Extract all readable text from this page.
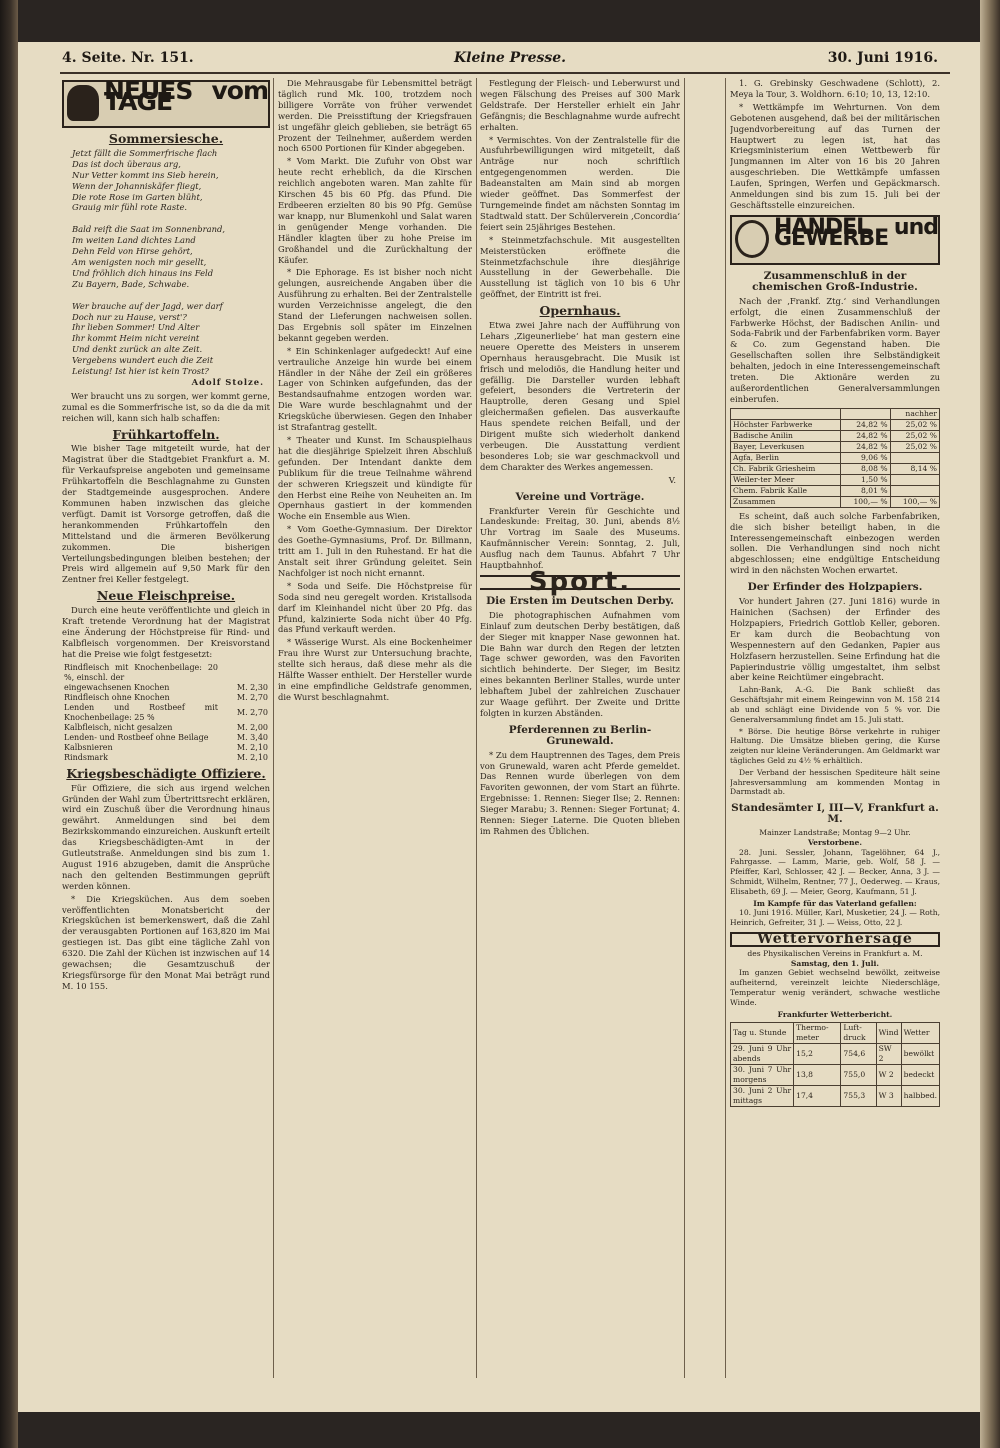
4. Seite. Nr. 151.	Kleine Presse.	30. Juni 1916.
NEUES vom TAGE
Sommersiesche.
Jetzt fällt die Sommerfrische flach
Das ist doch überaus arg,
Nur Vetter kommt ins Sieb herein,
Wenn der Johanniskäfer fliegt,
Die rote Rose im Garten blüht,
Grauig mir fühl rote Raste.

Bald reift die Saat im Sonnenbrand,
Im weiten Land dichtes Land
Dehn Feld von Hirse gehört,
Am wenigsten noch mir gesellt,
Und fröhlich dich hinaus ins Feld
Zu Bayern, Bade, Schwabe.

Wer brauche auf der Jagd, wer darf
Doch nur zu Hause, verst'?
Ihr lieben Sommer! Und Alter
Ihr kommt Heim nicht vereint
Und denkt zurück an alte Zeit.
Vergebens wundert euch die Zeit
Leistung! Ist hier ist kein Trost?
Adolf Stolze.

Wer braucht uns zu sorgen, wer kommt gerne, zumal es die Sommerfrische ist, so da die da mit reichen will, kann sich halb schaffen:

Frühkartoffeln.

Wie bisher Tage mitgeteilt wurde, hat der Magistrat über die Stadtgebiet Frankfurt a. M. für Verkaufspreise angeboten und gemeinsame Frühkartoffeln die Beschlagnahme zu Gunsten der Stadtgemeinde ausgesprochen. Andere Kommunen haben inzwischen das gleiche verfügt. Damit ist Vorsorge getroffen, daß die herankommenden Frühkartoffeln den Mittelstand und die ärmeren Bevölkerung zukommen. Die bisherigen Verteilungsbedingungen bleiben bestehen; der Preis wird allgemein auf 9,50 Mark für den Zentner frei Keller festgelegt.

Neue Fleischpreise.

Durch eine heute veröffentlichte und gleich in Kraft tretende Verordnung hat der Magistrat eine Änderung der Höchstpreise für Rind- und Kalbfleisch vorgenommen. Der Kreisvorstand hat die Preise wie folgt festgesetzt:

Rindfleisch mit Knochenbeilage: 20 %, einschl. der	
eingewachsenen Knochen	M. 2,30
Rindfleisch ohne Knochen	M. 2,70
Lenden und Rostbeef mit Knochenbeilage: 25 %	M. 2,70
Kalbfleisch, nicht gesalzen	M. 2,00
Lenden- und Rostbeef ohne Beilage	M. 3,40
Kalbsnieren	M. 2,10
Rindsmark	M. 2,10
Kriegsbeschädigte Offiziere.

Für Offiziere, die sich aus irgend welchen Gründen der Wahl zum Übertrittsrecht erklären, wird ein Zuschuß über die Verordnung hinaus gewährt. Anmeldungen sind bei dem Bezirkskommando einzureichen. Auskunft erteilt das Kriegsbeschädigten-Amt in der Gutleutstraße. Anmeldungen sind bis zum 1. August 1916 abzugeben, damit die Ansprüche nach den geltenden Bestimmungen geprüft werden können.

* Die Kriegsküchen. Aus dem soeben veröffentlichten Monatsbericht der Kriegsküchen ist bemerkenswert, daß die Zahl der verausgabten Portionen auf 163,820 im Mai gestiegen ist. Das gibt eine tägliche Zahl von 6320. Die Zahl der Küchen ist inzwischen auf 14 gewachsen; die Gesamtzuschuß der Kriegsfürsorge für den Monat Mai beträgt rund M. 10 155.

Die Mehrausgabe für Lebensmittel beträgt täglich rund Mk. 100, trotzdem noch billigere Vorräte von früher verwendet werden. Die Preisstiftung der Kriegsfrauen ist ungefähr gleich geblieben, sie beträgt 65 Prozent der Teilnehmer, außerdem werden noch 6500 Portionen für Kinder abgegeben.

* Vom Markt. Die Zufuhr von Obst war heute recht erheblich, da die Kirschen reichlich angeboten waren. Man zahlte für Kirschen 45 bis 60 Pfg. das Pfund. Die Erdbeeren erzielten 80 bis 90 Pfg. Gemüse war knapp, nur Blumenkohl und Salat waren in genügender Menge vorhanden. Die Händler klagten über zu hohe Preise im Großhandel und die Zurückhaltung der Käufer.

* Die Ephorage. Es ist bisher noch nicht gelungen, ausreichende Angaben über die Ausführung zu erhalten. Bei der Zentralstelle wurden Verzeichnisse angelegt, die den Stand der Lieferungen nachweisen sollen. Das Ergebnis soll später im Einzelnen bekannt gegeben werden.

* Ein Schinkenlager aufgedeckt! Auf eine vertrauliche Anzeige hin wurde bei einem Händler in der Nähe der Zeil ein größeres Lager von Schinken aufgefunden, das der Bestandsaufnahme entzogen worden war. Die Ware wurde beschlagnahmt und der Kriegsküche überwiesen. Gegen den Inhaber ist Strafantrag gestellt.

* Theater und Kunst. Im Schauspielhaus hat die diesjährige Spielzeit ihren Abschluß gefunden. Der Intendant dankte dem Publikum für die treue Teilnahme während der schweren Kriegszeit und kündigte für den Herbst eine Reihe von Neuheiten an. Im Opernhaus gastiert in der kommenden Woche ein Ensemble aus Wien.

* Vom Goethe-Gymnasium. Der Direktor des Goethe-Gymnasiums, Prof. Dr. Billmann, tritt am 1. Juli in den Ruhestand. Er hat die Anstalt seit ihrer Gründung geleitet. Sein Nachfolger ist noch nicht ernannt.

* Soda und Seife. Die Höchstpreise für Soda sind neu geregelt worden. Kristallsoda darf im Kleinhandel nicht über 20 Pfg. das Pfund, kalzinierte Soda nicht über 40 Pfg. das Pfund verkauft werden.

* Wässerige Wurst. Als eine Bockenheimer Frau ihre Wurst zur Untersuchung brachte, stellte sich heraus, daß diese mehr als die Hälfte Wasser enthielt. Der Hersteller wurde in eine empfindliche Geldstrafe genommen, die Wurst beschlagnahmt.

Festlegung der Fleisch- und Leberwurst und wegen Fälschung des Preises auf 300 Mark Geldstrafe. Der Hersteller erhielt ein Jahr Gefängnis; die Beschlagnahme wurde aufrecht erhalten.

* Vermischtes. Von der Zentralstelle für die Ausfuhrbewilligungen wird mitgeteilt, daß Anträge nur noch schriftlich entgegengenommen werden. Die Badeanstalten am Main sind ab morgen wieder geöffnet. Das Sommerfest der Turngemeinde findet am nächsten Sonntag im Stadtwald statt. Der Schülerverein ‚Concordia‘ feiert sein 25jähriges Bestehen.

* Steinmetzfachschule. Mit ausgestellten Meisterstücken eröffnete die Steinmetzfachschule ihre diesjährige Ausstellung in der Gewerbehalle. Die Ausstellung ist täglich von 10 bis 6 Uhr geöffnet, der Eintritt ist frei.

Opernhaus.

Etwa zwei Jahre nach der Aufführung von Lehars ‚Zigeunerliebe‘ hat man gestern eine neuere Operette des Meisters in unserem Opernhaus herausgebracht. Die Musik ist frisch und melodiös, die Handlung heiter und gefällig. Die Darsteller wurden lebhaft gefeiert, besonders die Vertreterin der Hauptrolle, deren Gesang und Spiel gleichermaßen gefielen. Das ausverkaufte Haus spendete reichen Beifall, und der Dirigent mußte sich wiederholt dankend verbeugen. Die Ausstattung verdient besonderes Lob; sie war geschmackvoll und dem Charakter des Werkes angemessen.

V.
Vereine und Vorträge.

Frankfurter Verein für Geschichte und Landeskunde: Freitag, 30. Juni, abends 8½ Uhr Vortrag im Saale des Museums. Kaufmännischer Verein: Sonntag, 2. Juli, Ausflug nach dem Taunus. Abfahrt 7 Uhr Hauptbahnhof.

Sport.
Die Ersten im Deutschen Derby.

Die photographischen Aufnahmen vom Einlauf zum deutschen Derby bestätigen, daß der Sieger mit knapper Nase gewonnen hat. Die Bahn war durch den Regen der letzten Tage schwer geworden, was den Favoriten sichtlich behinderte. Der Sieger, im Besitz eines bekannten Berliner Stalles, wurde unter lebhaftem Jubel der zahlreichen Zuschauer zur Waage geführt. Der Zweite und Dritte folgten in kurzen Abständen.

Pferderennen zu Berlin-Grunewald.

* Zu dem Hauptrennen des Tages, dem Preis von Grunewald, waren acht Pferde gemeldet. Das Rennen wurde überlegen von dem Favoriten gewonnen, der vom Start an führte. Ergebnisse: 1. Rennen: Sieger Ilse; 2. Rennen: Sieger Marabu; 3. Rennen: Sieger Fortunat; 4. Rennen: Sieger Laterne. Die Quoten blieben im Rahmen des Üblichen.

1. G. Grebinsky Geschwadene (Schlott), 2. Meya la Tour, 3. Woldhorn. 6:10; 10, 13, 12:10.

* Wettkämpfe im Wehrturnen. Von dem Gebotenen ausgehend, daß bei der militärischen Jugendvorbereitung auf das Turnen der Hauptwert zu legen ist, hat das Kriegsministerium einen Wettbewerb für Jungmannen im Alter von 16 bis 20 Jahren ausgeschrieben. Die Wettkämpfe umfassen Laufen, Springen, Werfen und Gepäckmarsch. Anmeldungen sind bis zum 15. Juli bei der Geschäftsstelle einzureichen.

HANDEL und GEWERBE
Zusammenschluß in der chemischen Groß-Industrie.

Nach der ‚Frankf. Ztg.‘ sind Verhandlungen erfolgt, die einen Zusammenschluß der Farbwerke Höchst, der Badischen Anilin- und Soda-Fabrik und der Farbenfabriken vorm. Bayer & Co. zum Gegenstand haben. Die Gesellschaften sollen ihre Selbständigkeit behalten, jedoch in eine Interessengemeinschaft treten. Die Aktionäre werden zu außerordentlichen Generalversammlungen einberufen.

		nachher
Höchster Farbwerke	24,82 %	25,02 %
Badische Anilin	24,82 %	25,02 %
Bayer, Leverkusen	24,82 %	25,02 %
Agfa, Berlin	9,06 %	
Ch. Fabrik Griesheim	8,08 %	8,14 %
Weiler-ter Meer	1,50 %	
Chem. Fabrik Kalle	8,01 %	
Zusammen	100,— %	100,— %

Es scheint, daß auch solche Farbenfabriken, die sich bisher beteiligt haben, in die Interessengemeinschaft einbezogen werden sollen. Die Verhandlungen sind noch nicht abgeschlossen; eine endgültige Entscheidung wird in den nächsten Wochen erwartet.

Der Erfinder des Holzpapiers.

Vor hundert Jahren (27. Juni 1816) wurde in Hainichen (Sachsen) der Erfinder des Holzpapiers, Friedrich Gottlob Keller, geboren. Er kam durch die Beobachtung von Wespennestern auf den Gedanken, Papier aus Holzfasern herzustellen. Seine Erfindung hat die Papierindustrie völlig umgestaltet, ihm selbst aber keine Reichtümer eingebracht.

Lahn-Bank, A.-G. Die Bank schließt das Geschäftsjahr mit einem Reingewinn von M. 158 214 ab und schlägt eine Dividende von 5 % vor. Die Generalversammlung findet am 15. Juli statt.

* Börse. Die heutige Börse verkehrte in ruhiger Haltung. Die Umsätze blieben gering, die Kurse zeigten nur kleine Veränderungen. Am Geldmarkt war tägliches Geld zu 4½ % erhältlich.

Der Verband der hessischen Spediteure hält seine Jahresversammlung am kommenden Montag in Darmstadt ab.

Standesämter I, III—V, Frankfurt a. M.
Mainzer Landstraße; Montag 9—2 Uhr.
Verstorbene.

28. Juni. Sessler, Johann, Tagelöhner, 64 J., Fahrgasse. — Lamm, Marie, geb. Wolf, 58 J. — Pfeiffer, Karl, Schlosser, 42 J. — Becker, Anna, 3 J. — Schmidt, Wilhelm, Rentner, 77 J., Oederweg. — Kraus, Elisabeth, 69 J. — Meier, Georg, Kaufmann, 51 J.

Im Kampfe für das Vaterland gefallen:

10. Juni 1916. Müller, Karl, Musketier, 24 J. — Roth, Heinrich, Gefreiter, 31 J. — Weiss, Otto, 22 J.

Wettervorhersage
des Physikalischen Vereins in Frankfurt a. M.
Samstag, den 1. Juli.

Im ganzen Gebiet wechselnd bewölkt, zeitweise aufheiternd, vereinzelt leichte Niederschläge, Temperatur wenig verändert, schwache westliche Winde.

Frankfurter Wetterbericht.
Tag u. Stunde	Thermo-meter	Luft-druck	Wind	Wetter
29. Juni 9 Uhr abends	15,2	754,6	SW 2	bewölkt
30. Juni 7 Uhr morgens	13,8	755,0	W 2	bedeckt
30. Juni 2 Uhr mittags	17,4	755,3	W 3	halbbed.
